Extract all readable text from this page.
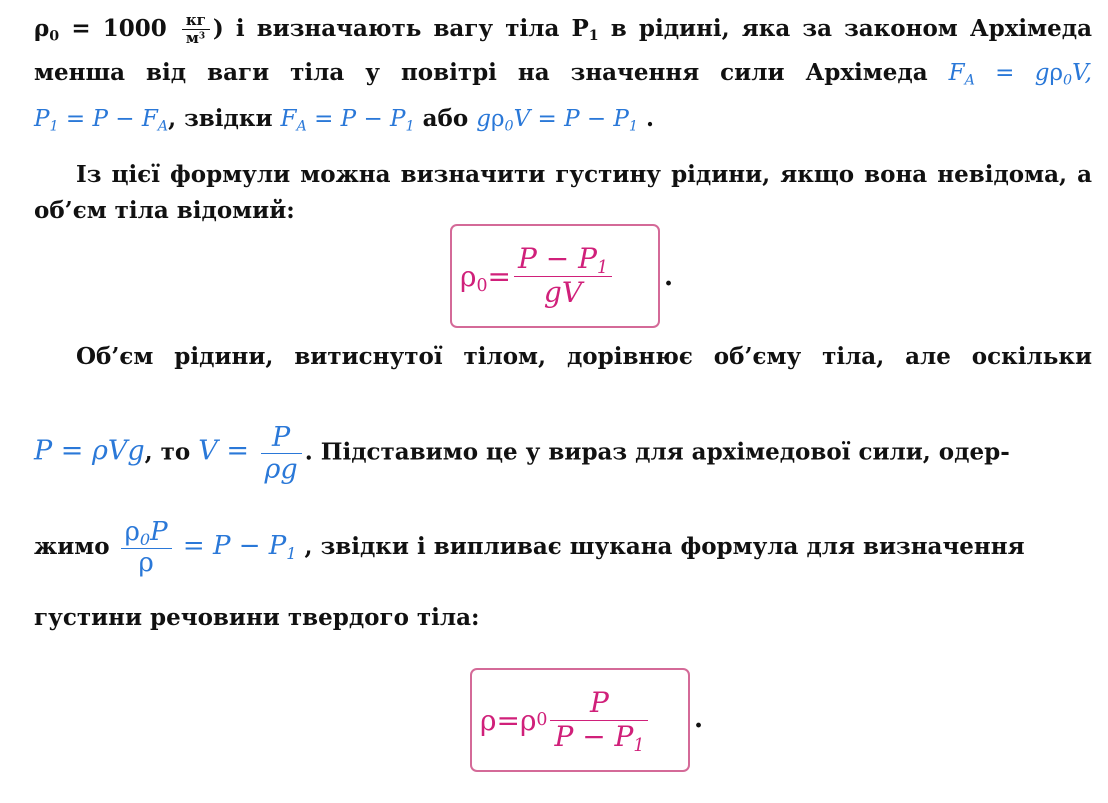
$\rho_0 = 1000 \frac{кг}{м^3}$ ) і визначають вагу тіла $P_1$ в рідині, яка за законом Архімеда
менша від ваги тіла у повітрі на значення сили Архімеда $F_A = g\rho_0V$,
$P_1 = P - F_A$, звідки $F_A = P - P_1$ або $g\rho_0V = P - P_1$ .
Із цієї формули можна визначити густину рідини, якщо вона невідома, а
об’єм тіла відомий:
$\rho_0 = \frac{P - P_1}{gV}$ .
Об’єм рідини, витиснутої тілом, дорівнює об’єму тіла, але оскільки
P = ρVg, то $V = \frac{P}{\rho g}$ . Підставимо це у вираз для архімедової сили, одер-
жимо $\frac{\rho_0P}{\rho} = P - P_1$ , звідки і випливає шукана формула для визначення
густини речовини твердого тіла:
ρ = ρ $0 \frac{P}{P - P_1}$ .
